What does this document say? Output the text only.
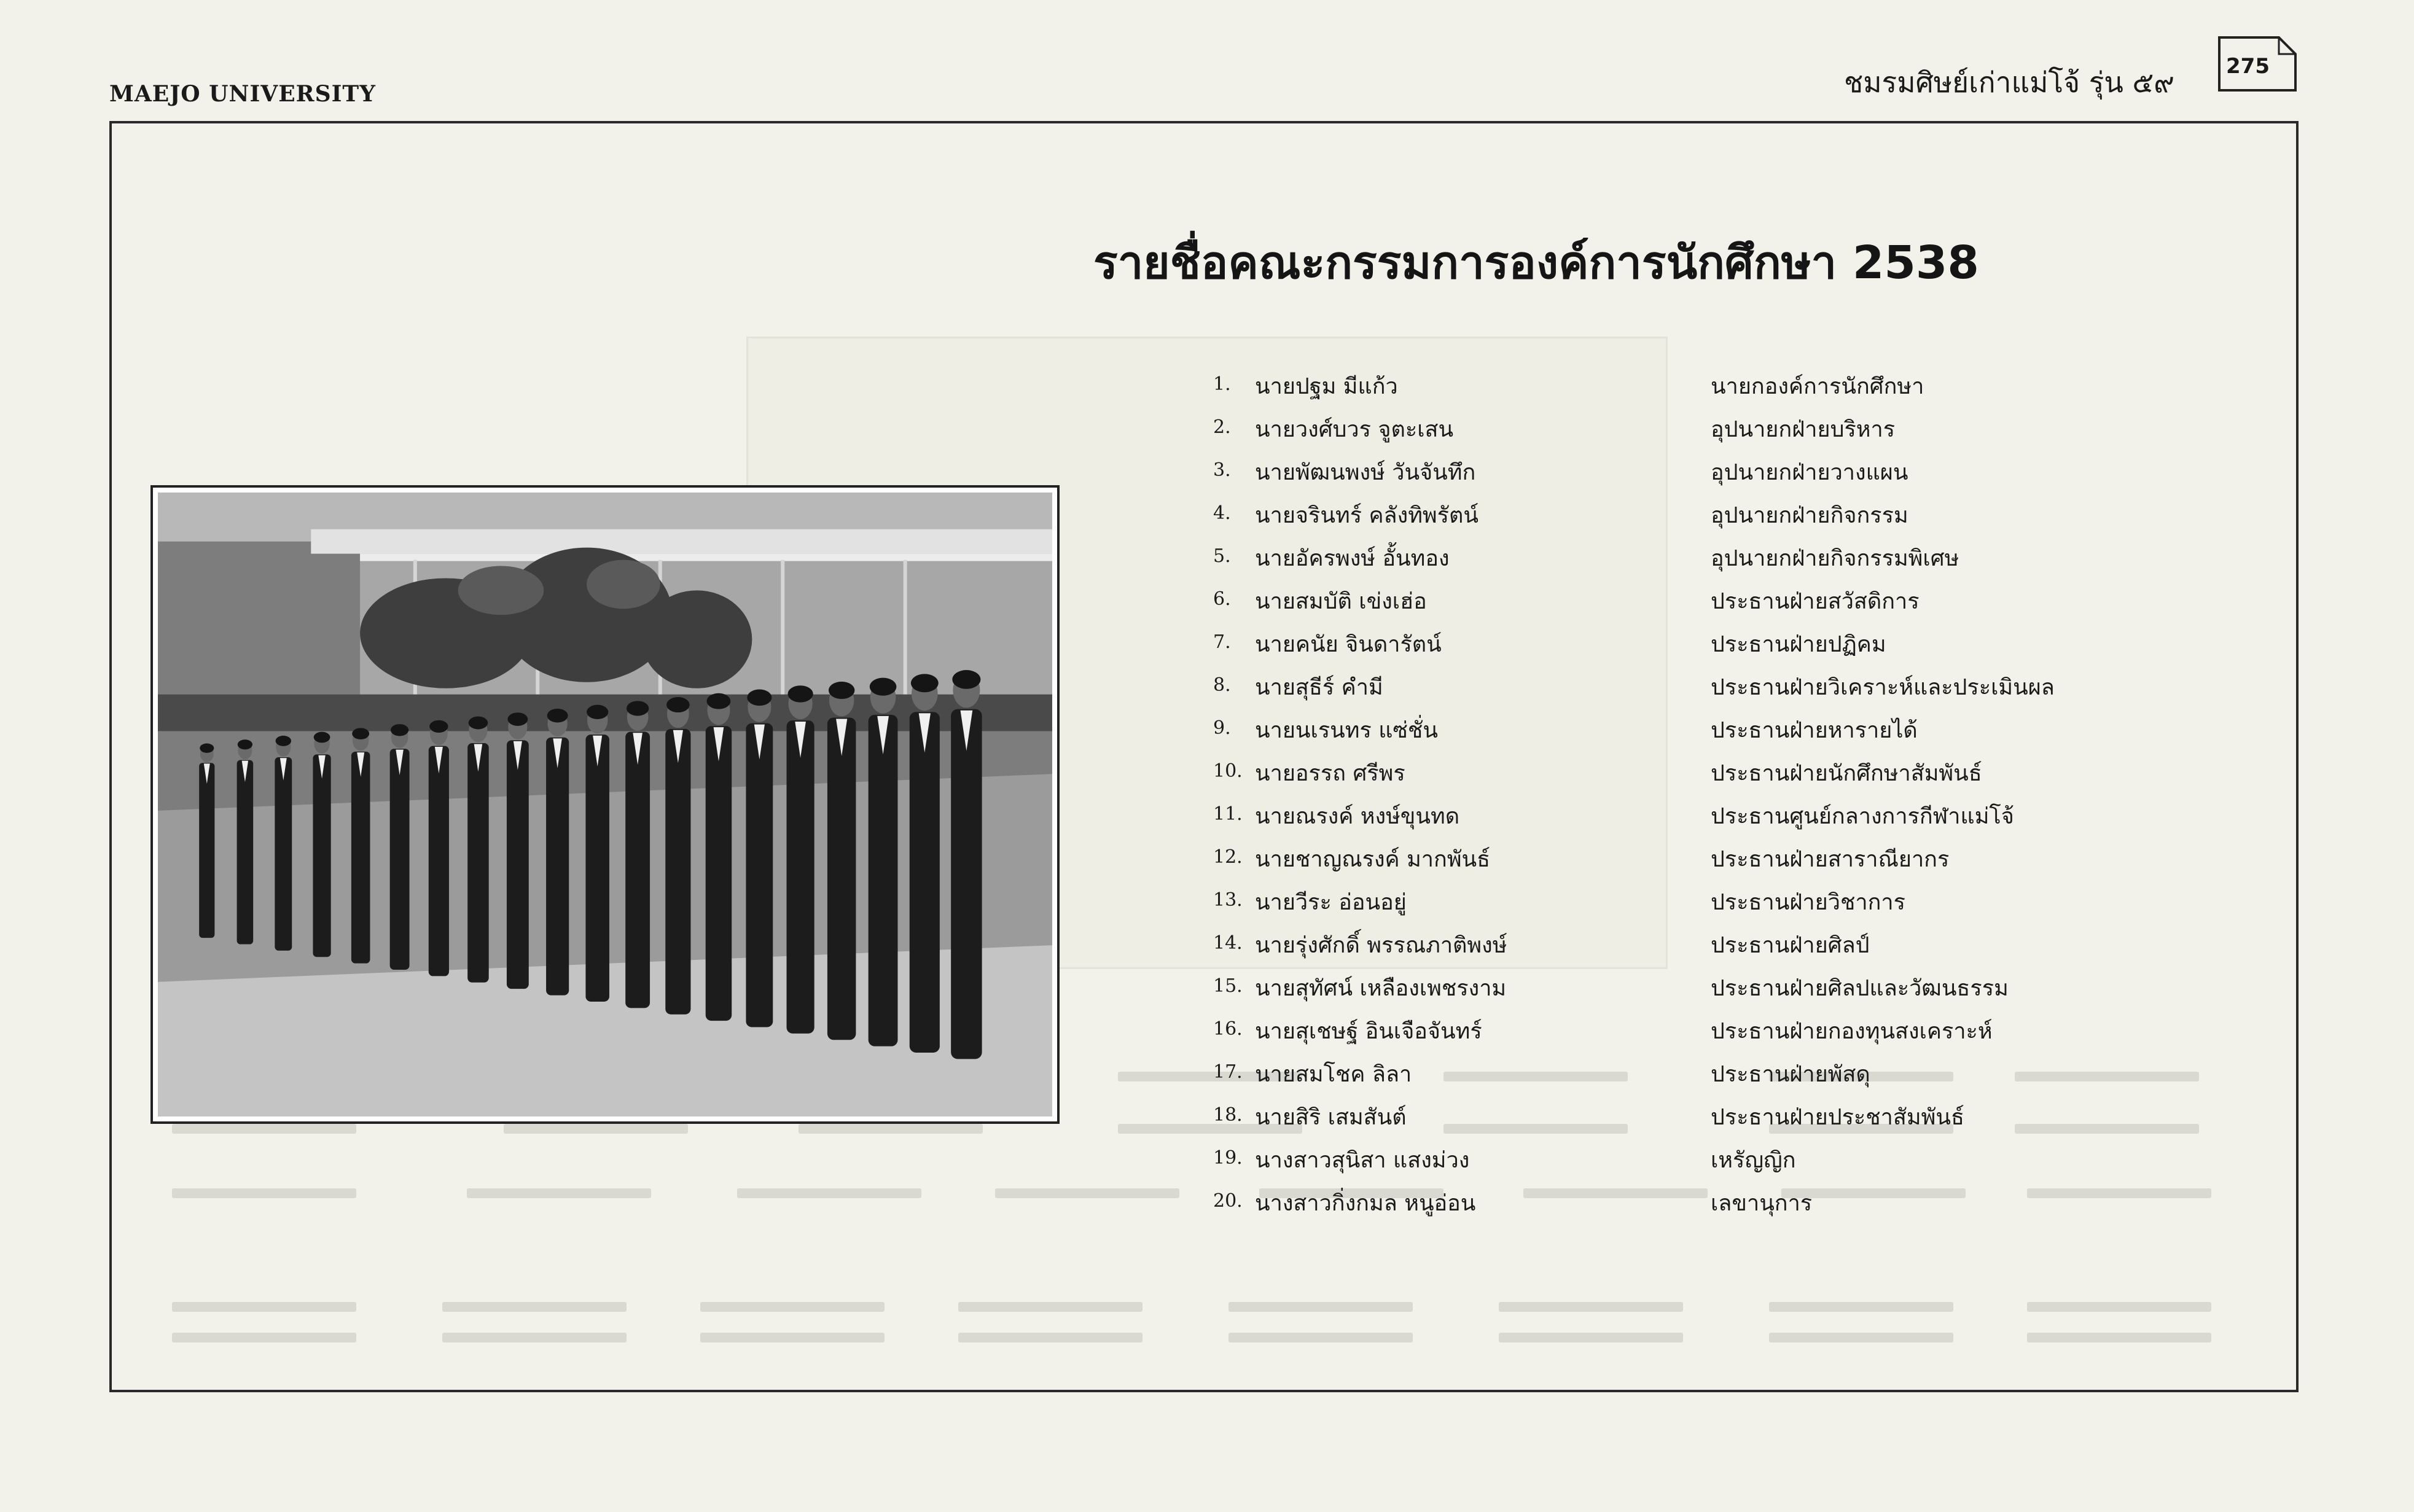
MAEJO UNIVERSITY	ชมรมศิษย์เก่าแม่โจ้ รุ่น ๕๙ 275
รายชื่อคณะกรรมการองค์การนักศึกษา 2538
1.	นายปฐม มีแก้ว	นายกองค์การนักศึกษา
2.	นายวงศ์บวร จูตะเสน	อุปนายกฝ่ายบริหาร
3.	นายพัฒนพงษ์ วันจันทึก	อุปนายกฝ่ายวางแผน
4.	นายจรินทร์ คลังทิพรัตน์	อุปนายกฝ่ายกิจกรรม
5.	นายอัครพงษ์ อั้นทอง	อุปนายกฝ่ายกิจกรรมพิเศษ
6.	นายสมบัติ เข่งเฮ่อ	ประธานฝ่ายสวัสดิการ
7.	นายคนัย จินดารัตน์	ประธานฝ่ายปฏิคม
8.	นายสุธีร์ คำมี	ประธานฝ่ายวิเคราะห์และประเมินผล
9.	นายนเรนทร แซ่ชั่น	ประธานฝ่ายหารายได้
10. นายอรรถ ศรีพร	ประธานฝ่ายนักศึกษาสัมพันธ์
11. นายณรงค์ หงษ์ขุนทด	ประธานศูนย์กลางการกีฬาแม่โจ้
12. นายชาญณรงค์ มากพันธ์	ประธานฝ่ายสาราณียากร
13. นายวีระ อ่อนอยู่	ประธานฝ่ายวิชาการ
14. นายรุ่งศักดิ์ พรรณภาติพงษ์	ประธานฝ่ายศิลป์
15. นายสุทัศน์ เหลืองเพชรงาม	ประธานฝ่ายศิลปและวัฒนธรรม
16. นายสุเชษฐ์ อินเจือจันทร์	ประธานฝ่ายกองทุนสงเคราะห์
17. นายสมโชค ลิลา	ประธานฝ่ายพัสดุ
18. นายสิริ เสมสันต์	ประธานฝ่ายประชาสัมพันธ์
19. นางสาวสุนิสา แสงม่วง	เหรัญญิก
20. นางสาวกิ่งกมล หนูอ่อน	เลขานุการ
